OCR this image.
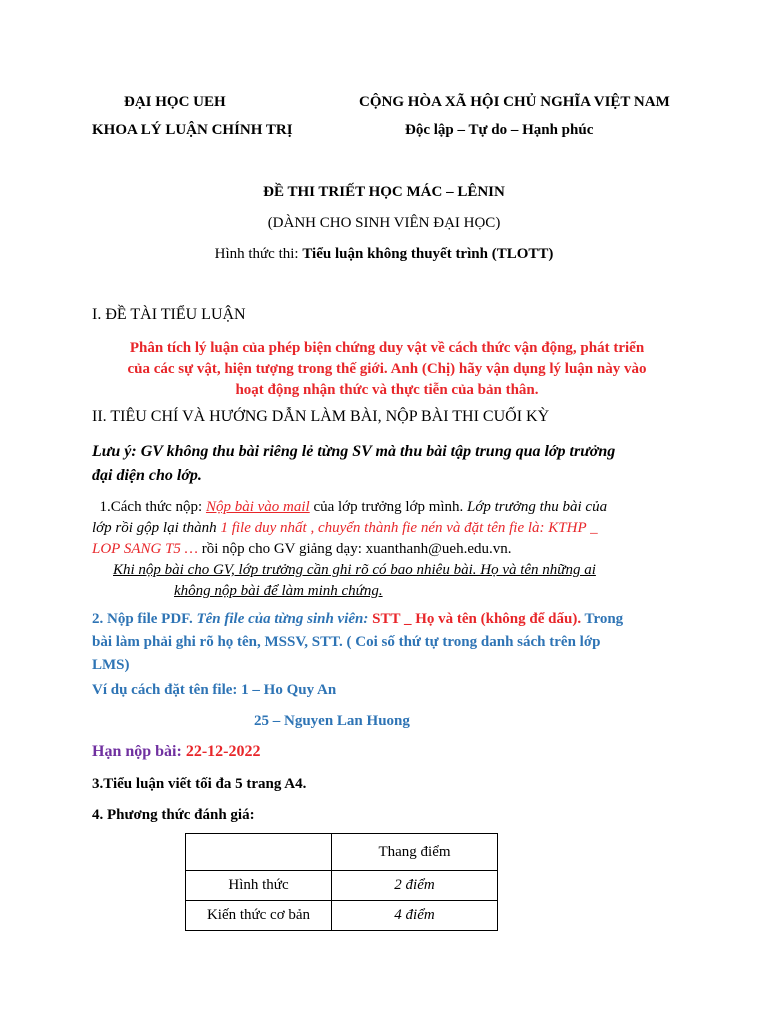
ĐẠI HỌC UEH
KHOA LÝ LUẬN CHÍNH TRỊ
CỘNG HÒA XÃ HỘI CHỦ NGHĨA VIỆT NAM
Độc lập – Tự do – Hạnh phúc
ĐỀ THI TRIẾT HỌC MÁC – LÊNIN
(DÀNH CHO SINH VIÊN ĐẠI HỌC)
Hình thức thi: Tiểu luận không thuyết trình (TLOTT)
I. ĐỀ TÀI TIỂU LUẬN
Phân tích lý luận của phép biện chứng duy vật về cách thức vận động, phát triển
của các sự vật, hiện tượng trong thế giới. Anh (Chị) hãy vận dụng lý luận này vào
hoạt động nhận thức và thực tiễn của bản thân.
II. TIÊU CHÍ VÀ HƯỚNG DẪN LÀM BÀI, NỘP BÀI THI CUỐI KỲ
Lưu ý: GV không thu bài riêng lẻ từng SV mà thu bài tập trung qua lớp trưởng
đại diện cho lớp.
1.Cách thức nộp: Nộp bài vào mail của lớp trưởng lớp mình. Lớp trưởng thu bài của
lớp rồi gộp lại thành 1 file duy nhất , chuyển thành fie nén và đặt tên fie là: KTHP _
LOP SANG T5 … rồi nộp cho GV giảng dạy: xuanthanh@ueh.edu.vn.
Khi nộp bài cho GV, lớp trưởng cần ghi rõ có bao nhiêu bài. Họ và tên những ai
không nộp bài để làm minh chứng.
2. Nộp file PDF. Tên file của từng sinh viên: STT _ Họ và tên (không để dấu). Trong
bài làm phải ghi rõ họ tên, MSSV, STT. ( Coi số thứ tự trong danh sách trên lớp
LMS)
Ví dụ cách đặt tên file: 1 – Ho Quy An
25 – Nguyen Lan Huong
Hạn nộp bài: 22-12-2022
3.Tiểu luận viết tối đa 5 trang A4.
4. Phương thức đánh giá:
	Thang điểm
Hình thức	2 điểm
Kiến thức cơ bản	4 điểm
